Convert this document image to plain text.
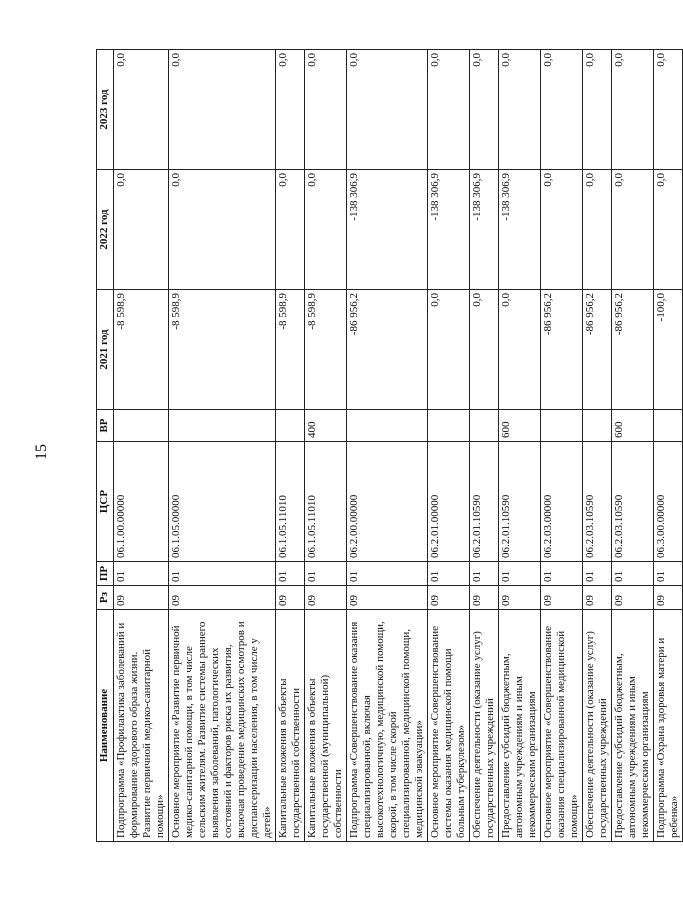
15
Наименование	Рз	ПР	ЦСР	ВР	2021 год	2022 год	2023 год
Подпрограмма «Профилактика заболеваний и формирование здорового образа жизни. Развитие первичной медико-санитарной помощи»	09	01	06.1.00.00000		-8 598,9	0,0	0,0
Основное мероприятие «Развитие первичной медико-санитарной помощи, в том числе сельским жителям. Развитие системы раннего выявления заболеваний, патологических состояний и факторов риска их развития, включая проведение медицинских осмотров и диспансеризации населения, в том числе у детей»	09	01	06.1.05.00000		-8 598,9	0,0	0,0
Капитальные вложения в объекты государственной собственности	09	01	06.1.05.11010		-8 598,9	0,0	0,0
Капитальные вложения в объекты государственной (муниципальной) собственности	09	01	06.1.05.11010	400	-8 598,9	0,0	0,0
Подпрограмма «Совершенствование оказания специализированной, включая высокотехнологичную, медицинской помощи, скорой, в том числе скорой специализированной, медицинской помощи, медицинской эвакуации»	09	01	06.2.00.00000		-86 956,2	-138 306,9	0,0
Основное мероприятие «Совершенствование системы оказания медицинской помощи больным туберкулезом»	09	01	06.2.01.00000		0,0	-138 306,9	0,0
Обеспечение деятельности (оказание услуг) государственных учреждений	09	01	06.2.01.10590		0,0	-138 306,9	0,0
Предоставление субсидий бюджетным, автономным учреждениям и иным некоммерческим организациям	09	01	06.2.01.10590	600	0,0	-138 306,9	0,0
Основное мероприятие «Совершенствование оказания специализированной медицинской помощи»	09	01	06.2.03.00000		-86 956,2	0,0	0,0
Обеспечение деятельности (оказание услуг) государственных учреждений	09	01	06.2.03.10590		-86 956,2	0,0	0,0
Предоставление субсидий бюджетным, автономным учреждениям и иным некоммерческим организациям	09	01	06.2.03.10590	600	-86 956,2	0,0	0,0
Подпрограмма «Охрана здоровья матери и ребенка»	09	01	06.3.00.00000		-100,0	0,0	0,0
